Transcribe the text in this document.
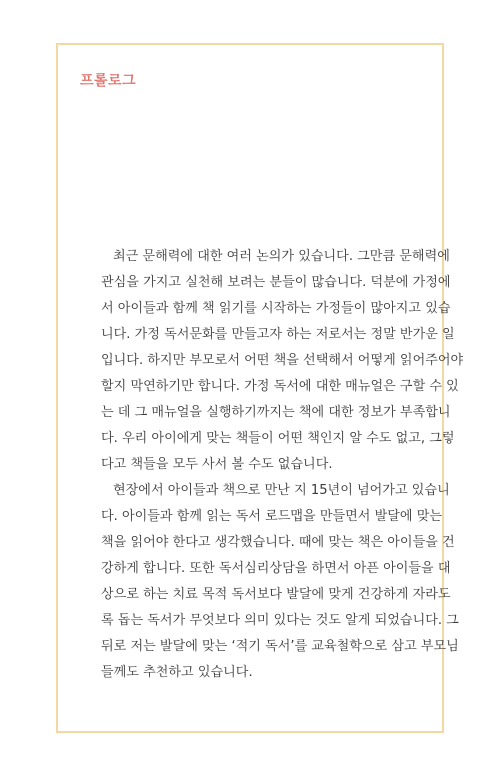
프롤로그

최근 문해력에 대한 여러 논의가 있습니다. 그만큼 문해력에
관심을 가지고 실천해 보려는 분들이 많습니다. 덕분에 가정에
서 아이들과 함께 책 읽기를 시작하는 가정들이 많아지고 있습
니다. 가정 독서문화를 만들고자 하는 저로서는 정말 반가운 일
입니다. 하지만 부모로서 어떤 책을 선택해서 어떻게 읽어주어야
할지 막연하기만 합니다. 가정 독서에 대한 매뉴얼은 구할 수 있
는 데 그 매뉴얼을 실행하기까지는 책에 대한 정보가 부족합니
다. 우리 아이에게 맞는 책들이 어떤 책인지 알 수도 없고, 그렇
다고 책들을 모두 사서 볼 수도 없습니다.

현장에서 아이들과 책으로 만난 지 15년이 넘어가고 있습니
다. 아이들과 함께 읽는 독서 로드맵을 만들면서 발달에 맞는
책을 읽어야 한다고 생각했습니다. 때에 맞는 책은 아이들을 건
강하게 합니다. 또한 독서심리상담을 하면서 아픈 아이들을 대
상으로 하는 치료 목적 독서보다 발달에 맞게 건강하게 자라도
록 돕는 독서가 무엇보다 의미 있다는 것도 알게 되었습니다. 그
뒤로 저는 발달에 맞는 ‘적기 독서’를 교육철학으로 삼고 부모님
들께도 추천하고 있습니다.
